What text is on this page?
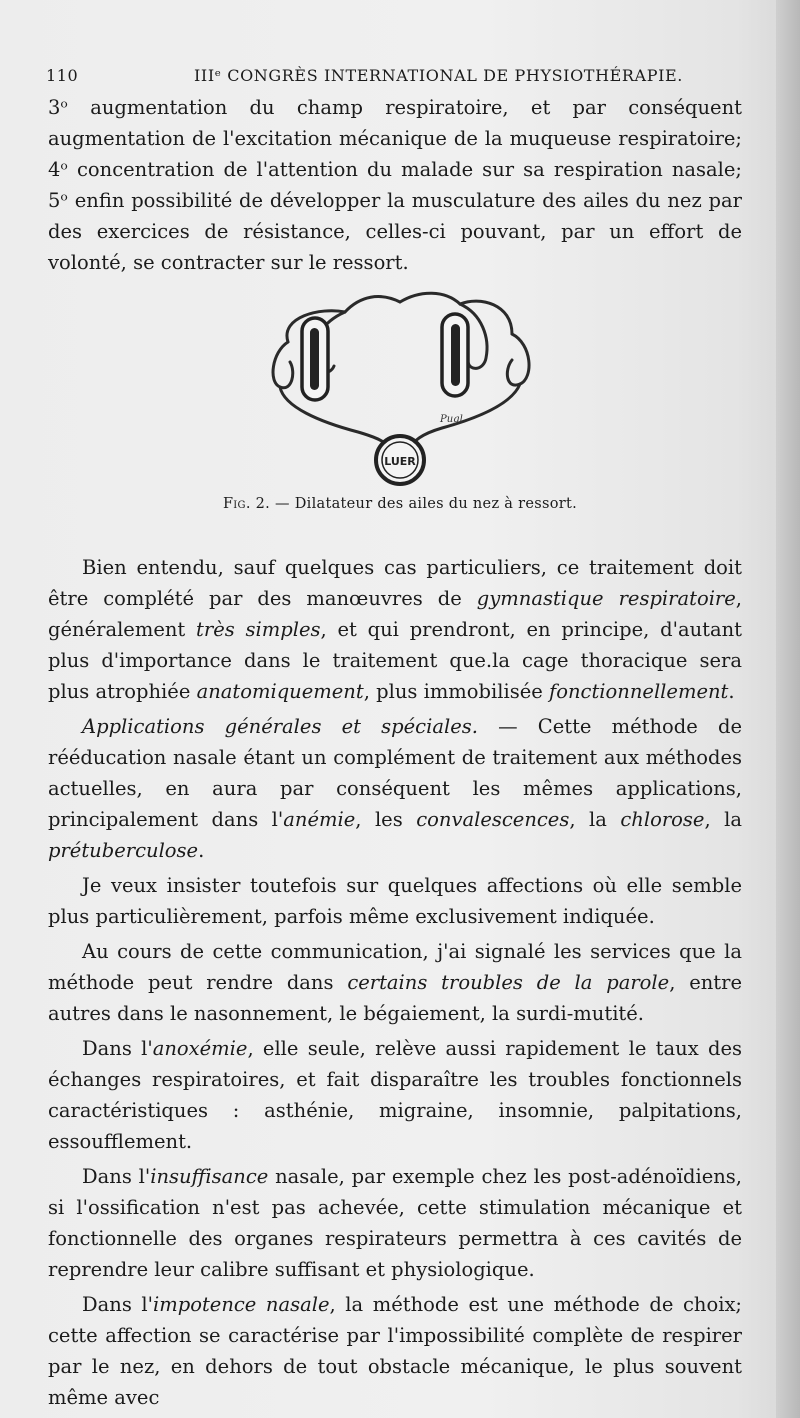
110	IIIᵉ CONGRÈS INTERNATIONAL DE PHYSIOTHÉRAPIE.

3ᵒ augmentation du champ respiratoire, et par conséquent augmentation de l'excitation mécanique de la muqueuse respiratoire; 4ᵒ concentration de l'attention du malade sur sa respiration nasale; 5ᵒ enfin possibilité de développer la musculature des ailes du nez par des exercices de résistance, celles-ci pouvant, par un effort de volonté, se contracter sur le ressort.

Pugl
LUER
Fig. 2. — Dilatateur des ailes du nez à ressort.

Bien entendu, sauf quelques cas particuliers, ce traitement doit être complété par des manœuvres de gymnastique respiratoire, généralement très simples, et qui prendront, en principe, d'autant plus d'importance dans le traitement que.la cage thoracique sera plus atrophiée anatomiquement, plus immobilisée fonctionnellement.

Applications générales et spéciales. — Cette méthode de rééducation nasale étant un complément de traitement aux méthodes actuelles, en aura par conséquent les mêmes applications, principalement dans l'anémie, les convalescences, la chlorose, la prétuberculose.

Je veux insister toutefois sur quelques affections où elle semble plus particulièrement, parfois même exclusivement indiquée.

Au cours de cette communication, j'ai signalé les services que la méthode peut rendre dans certains troubles de la parole, entre autres dans le nasonnement, le bégaiement, la surdi-mutité.

Dans l'anoxémie, elle seule, relève aussi rapidement le taux des échanges respiratoires, et fait disparaître les troubles fonctionnels caractéristiques : asthénie, migraine, insomnie, palpitations, essoufflement.

Dans l'insuffisance nasale, par exemple chez les post-adénoïdiens, si l'ossification n'est pas achevée, cette stimulation mécanique et fonctionnelle des organes respirateurs permettra à ces cavités de reprendre leur calibre suffisant et physiologique.

Dans l'impotence nasale, la méthode est une méthode de choix; cette affection se caractérise par l'impossibilité complète de respirer par le nez, en dehors de tout obstacle mécanique, le plus souvent même avec
